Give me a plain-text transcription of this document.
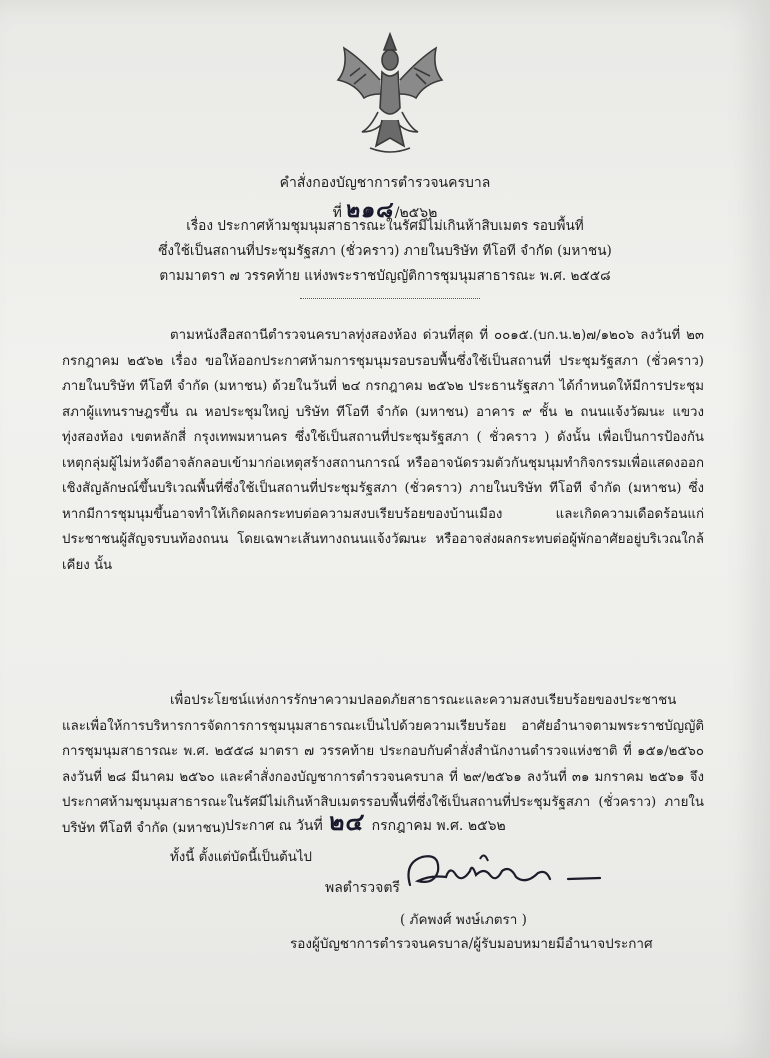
คำสั่งกองบัญชาการตำรวจนครบาล
ที่ ๒๑๘/๒๕๖๒
เรื่อง ประกาศห้ามชุมนุมสาธารณะในรัศมีไม่เกินห้าสิบเมตร รอบพื้นที่
ซึ่งใช้เป็นสถานที่ประชุมรัฐสภา (ชั่วคราว) ภายในบริษัท ทีโอที จำกัด (มหาชน)
ตามมาตรา ๗ วรรคท้าย แห่งพระราชบัญญัติการชุมนุมสาธารณะ พ.ศ. ๒๕๕๘

ตามหนังสือสถานีตำรวจนครบาลทุ่งสองห้อง ด่วนที่สุด ที่ ๐๐๑๕.(บก.น.๒)๗/๑๒๐๖ ลงวันที่ ๒๓ กรกฎาคม ๒๕๖๒ เรื่อง ขอให้ออกประกาศห้ามการชุมนุมรอบรอบพื้นซึ่งใช้เป็นสถานที่ ประชุมรัฐสภา (ชั่วคราว) ภายในบริษัท ทีโอที จำกัด (มหาชน) ด้วยในวันที่ ๒๔ กรกฎาคม ๒๕๖๒ ประธานรัฐสภา ได้กำหนดให้มีการประชุมสภาผู้แทนราษฎรขึ้น ณ หอประชุมใหญ่ บริษัท ทีโอที จำกัด (มหาชน) อาคาร ๙ ชั้น ๒ ถนนแจ้งวัฒนะ แขวงทุ่งสองห้อง เขตหลักสี่ กรุงเทพมหานคร ซึ่งใช้เป็นสถานที่ประชุมรัฐสภา ( ชั่วคราว ) ดังนั้น เพื่อเป็นการป้องกันเหตุกลุ่มผู้ไม่หวังดีอาจลักลอบเข้ามาก่อเหตุสร้างสถานการณ์ หรืออาจนัดรวมตัวกันชุมนุมทำกิจกรรมเพื่อแสดงออกเชิงสัญลักษณ์ขึ้นบริเวณพื้นที่ซึ่งใช้เป็นสถานที่ประชุมรัฐสภา (ชั่วคราว) ภายในบริษัท ทีโอที จำกัด (มหาชน) ซึ่งหากมีการชุมนุมขึ้นอาจทำให้เกิดผลกระทบต่อความสงบเรียบร้อยของบ้านเมือง และเกิดความเดือดร้อนแก่ประชาชนผู้สัญจรบนท้องถนน โดยเฉพาะเส้นทางถนนแจ้งวัฒนะ หรืออาจส่งผลกระทบต่อผู้พักอาศัยอยู่บริเวณใกล้เคียง นั้น

เพื่อประโยชน์แห่งการรักษาความปลอดภัยสาธารณะและความสงบเรียบร้อยของประชาชน และเพื่อให้การบริหารการจัดการการชุมนุมสาธารณะเป็นไปด้วยความเรียบร้อย อาศัยอำนาจตามพระราชบัญญัติการชุมนุมสาธารณะ พ.ศ. ๒๕๕๘ มาตรา ๗ วรรคท้าย ประกอบกับคำสั่งสำนักงานตำรวจแห่งชาติ ที่ ๑๕๑/๒๕๖๐ ลงวันที่ ๒๘ มีนาคม ๒๕๖๐ และคำสั่งกองบัญชาการตำรวจนครบาล ที่ ๒๙/๒๕๖๑ ลงวันที่ ๓๑ มกราคม ๒๕๖๑ จึงประกาศห้ามชุมนุมสาธารณะในรัศมีไม่เกินห้าสิบเมตรรอบพื้นที่ซึ่งใช้เป็นสถานที่ประชุมรัฐสภา (ชั่วคราว) ภายในบริษัท ทีโอที จำกัด (มหาชน)

ทั้งนี้ ตั้งแต่บัดนี้เป็นต้นไป

ประกาศ ณ วันที่ ๒๔ กรกฎาคม พ.ศ. ๒๕๖๒
พลตำรวจตรี
( ภัคพงศ์ พงษ์เภตรา )
รองผู้บัญชาการตำรวจนครบาล/ผู้รับมอบหมายมีอำนาจประกาศ
